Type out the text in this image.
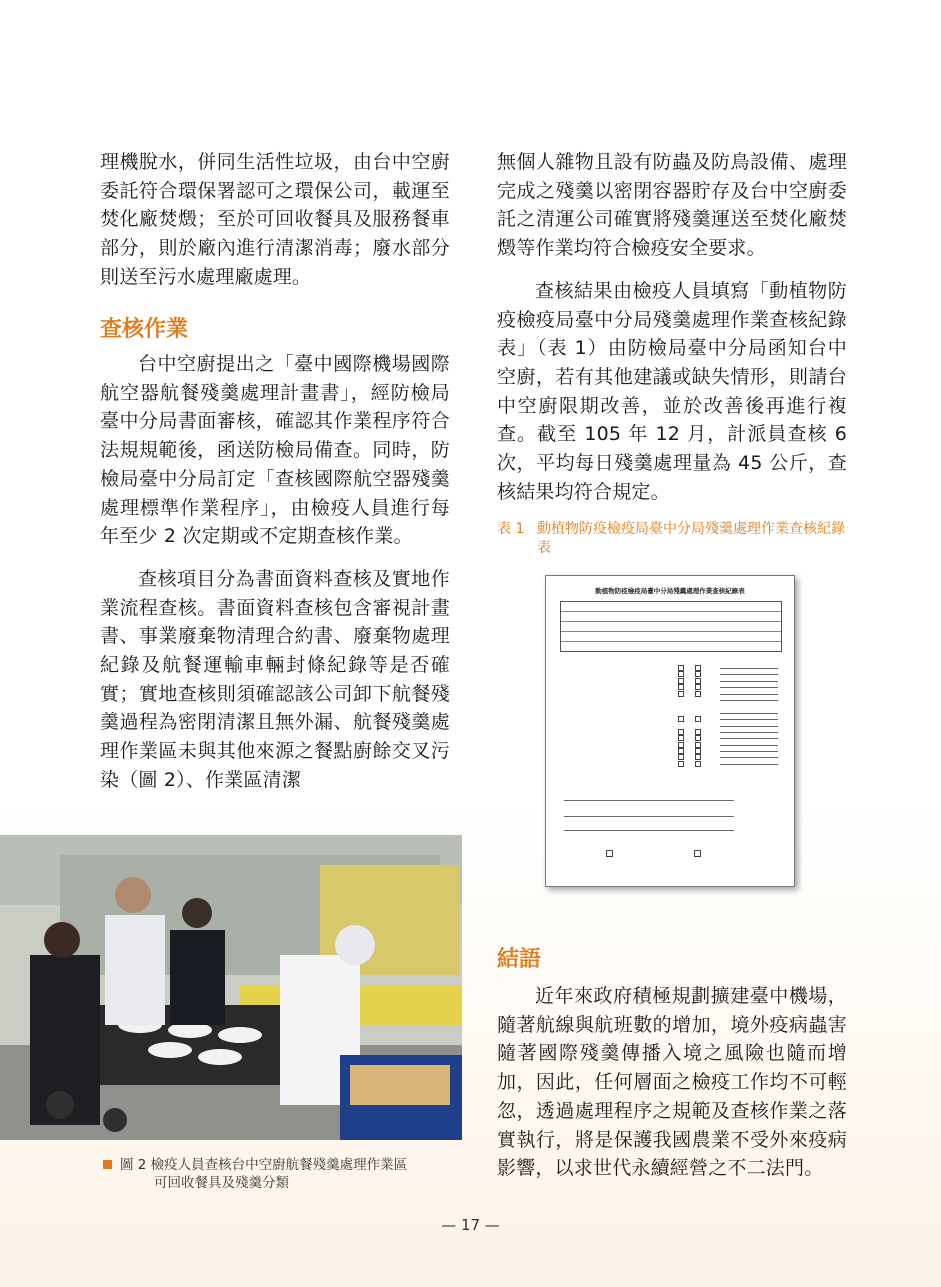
理機脫水，併同生活性垃圾，由台中空廚委託符合環保署認可之環保公司，載運至焚化廠焚燬；至於可回收餐具及服務餐車部分，則於廠內進行清潔消毒；廢水部分則送至污水處理廠處理。

查核作業

台中空廚提出之「臺中國際機場國際航空器航餐殘羹處理計畫書」，經防檢局臺中分局書面審核，確認其作業程序符合法規規範後，函送防檢局備查。同時，防檢局臺中分局訂定「查核國際航空器殘羹處理標準作業程序」，由檢疫人員進行每年至少 2 次定期或不定期查核作業。

查核項目分為書面資料查核及實地作業流程查核。書面資料查核包含審視計畫書、事業廢棄物清理合約書、廢棄物處理紀錄及航餐運輸車輛封條紀錄等是否確實；實地查核則須確認該公司卸下航餐殘羹過程為密閉清潔且無外漏、航餐殘羹處理作業區未與其他來源之餐點廚餘交叉污染（圖 2）、作業區清潔

圖 2 檢疫人員查核台中空廚航餐殘羹處理作業區
可回收餐具及殘羹分類

無個人雜物且設有防蟲及防鳥設備、處理完成之殘羹以密閉容器貯存及台中空廚委託之清運公司確實將殘羹運送至焚化廠焚燬等作業均符合檢疫安全要求。

查核結果由檢疫人員填寫「動植物防疫檢疫局臺中分局殘羹處理作業查核紀錄表」（表 1）由防檢局臺中分局函知台中空廚，若有其他建議或缺失情形，則請台中空廚限期改善，並於改善後再進行複查。截至 105 年 12 月，計派員查核 6 次，平均每日殘羹處理量為 45 公斤，查核結果均符合規定。

表 1 動植物防疫檢疫局臺中分局殘羹處理作業查核紀錄表
動植物防疫檢疫局臺中分局殘羹處理作業查核紀錄表

結語

近年來政府積極規劃擴建臺中機場，隨著航線與航班數的增加，境外疫病蟲害隨著國際殘羹傳播入境之風險也隨而增加，因此，任何層面之檢疫工作均不可輕忽，透過處理程序之規範及查核作業之落實執行，將是保護我國農業不受外來疫病影響，以求世代永續經營之不二法門。

— 17 —
